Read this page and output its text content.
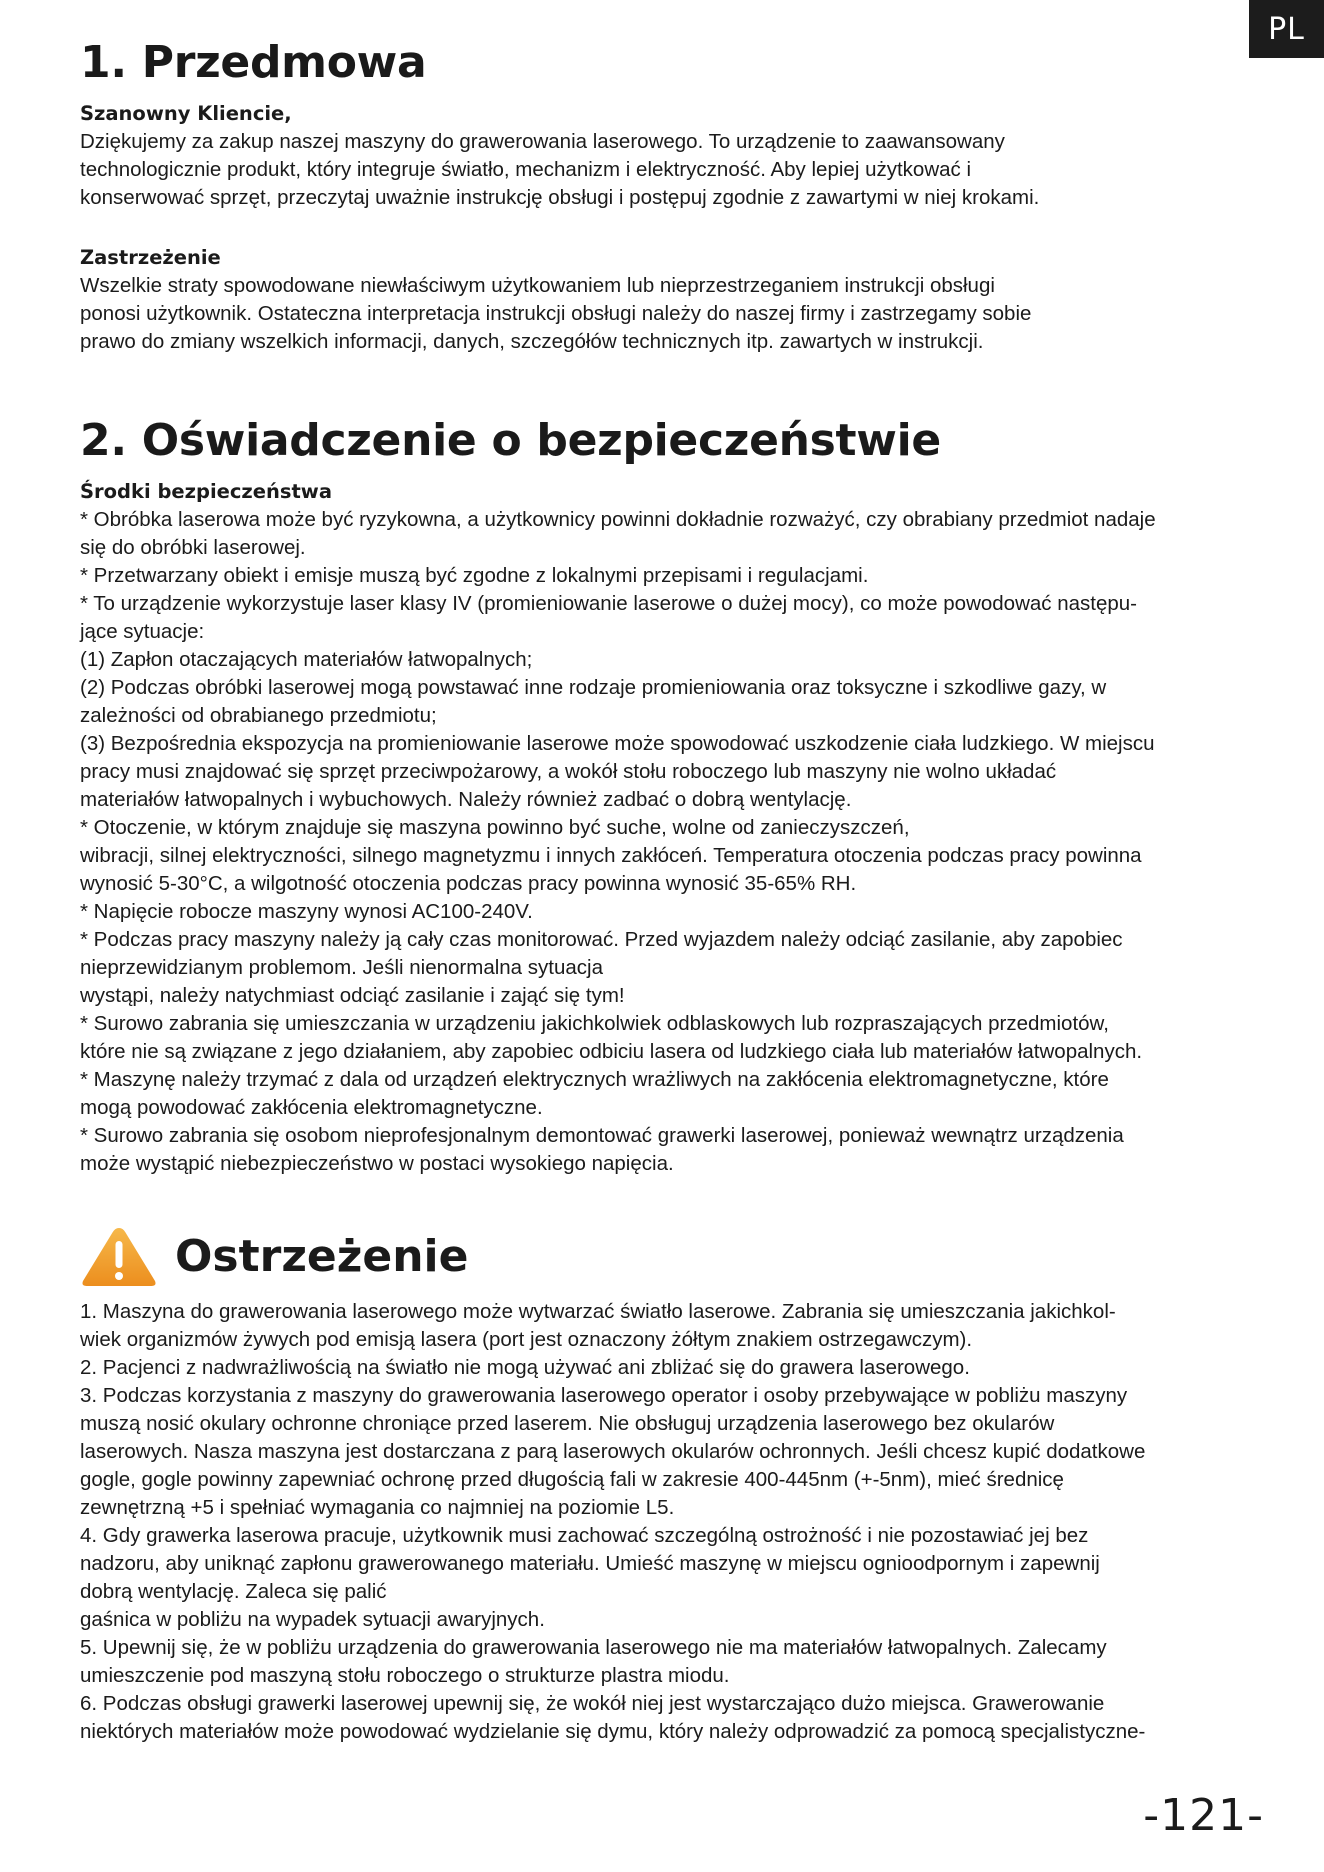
PL
1. Przedmowa
Szanowny Kliencie,

Dziękujemy za zakup naszej maszyny do grawerowania laserowego. To urządzenie to zaawansowany

technologicznie produkt, który integruje światło, mechanizm i elektryczność. Aby lepiej użytkować i

konserwować sprzęt, przeczytaj uważnie instrukcję obsługi i postępuj zgodnie z zawartymi w niej krokami.

Zastrzeżenie

Wszelkie straty spowodowane niewłaściwym użytkowaniem lub nieprzestrzeganiem instrukcji obsługi

ponosi użytkownik. Ostateczna interpretacja instrukcji obsługi należy do naszej firmy i zastrzegamy sobie

prawo do zmiany wszelkich informacji, danych, szczegółów technicznych itp. zawartych w instrukcji.

2. Oświadczenie o bezpieczeństwie
Środki bezpieczeństwa

* Obróbka laserowa może być ryzykowna, a użytkownicy powinni dokładnie rozważyć, czy obrabiany przedmiot nadaje

się do obróbki laserowej.

* Przetwarzany obiekt i emisje muszą być zgodne z lokalnymi przepisami i regulacjami.

* To urządzenie wykorzystuje laser klasy IV (promieniowanie laserowe o dużej mocy), co może powodować następu-

jące sytuacje:

(1) Zapłon otaczających materiałów łatwopalnych;

(2) Podczas obróbki laserowej mogą powstawać inne rodzaje promieniowania oraz toksyczne i szkodliwe gazy, w

zależności od obrabianego przedmiotu;

(3) Bezpośrednia ekspozycja na promieniowanie laserowe może spowodować uszkodzenie ciała ludzkiego. W miejscu

pracy musi znajdować się sprzęt przeciwpożarowy, a wokół stołu roboczego lub maszyny nie wolno układać

materiałów łatwopalnych i wybuchowych. Należy również zadbać o dobrą wentylację.

* Otoczenie, w którym znajduje się maszyna powinno być suche, wolne od zanieczyszczeń,

wibracji, silnej elektryczności, silnego magnetyzmu i innych zakłóceń. Temperatura otoczenia podczas pracy powinna

wynosić 5-30°C, a wilgotność otoczenia podczas pracy powinna wynosić 35-65% RH.

* Napięcie robocze maszyny wynosi AC100-240V.

* Podczas pracy maszyny należy ją cały czas monitorować. Przed wyjazdem należy odciąć zasilanie, aby zapobiec

nieprzewidzianym problemom. Jeśli nienormalna sytuacja

wystąpi, należy natychmiast odciąć zasilanie i zająć się tym!

* Surowo zabrania się umieszczania w urządzeniu jakichkolwiek odblaskowych lub rozpraszających przedmiotów,

które nie są związane z jego działaniem, aby zapobiec odbiciu lasera od ludzkiego ciała lub materiałów łatwopalnych.

* Maszynę należy trzymać z dala od urządzeń elektrycznych wrażliwych na zakłócenia elektromagnetyczne, które

mogą powodować zakłócenia elektromagnetyczne.

* Surowo zabrania się osobom nieprofesjonalnym demontować grawerki laserowej, ponieważ wewnątrz urządzenia

może wystąpić niebezpieczeństwo w postaci wysokiego napięcia.

Ostrzeżenie

1. Maszyna do grawerowania laserowego może wytwarzać światło laserowe. Zabrania się umieszczania jakichkol-

wiek organizmów żywych pod emisją lasera (port jest oznaczony żółtym znakiem ostrzegawczym).

2. Pacjenci z nadwrażliwością na światło nie mogą używać ani zbliżać się do grawera laserowego.

3. Podczas korzystania z maszyny do grawerowania laserowego operator i osoby przebywające w pobliżu maszyny

muszą nosić okulary ochronne chroniące przed laserem. Nie obsługuj urządzenia laserowego bez okularów

laserowych. Nasza maszyna jest dostarczana z parą laserowych okularów ochronnych. Jeśli chcesz kupić dodatkowe

gogle, gogle powinny zapewniać ochronę przed długością fali w zakresie 400-445nm (+-5nm), mieć średnicę

zewnętrzną +5 i spełniać wymagania co najmniej na poziomie L5.

4. Gdy grawerka laserowa pracuje, użytkownik musi zachować szczególną ostrożność i nie pozostawiać jej bez

nadzoru, aby uniknąć zapłonu grawerowanego materiału. Umieść maszynę w miejscu ognioodpornym i zapewnij

dobrą wentylację. Zaleca się palić

gaśnica w pobliżu na wypadek sytuacji awaryjnych.

5. Upewnij się, że w pobliżu urządzenia do grawerowania laserowego nie ma materiałów łatwopalnych. Zalecamy

umieszczenie pod maszyną stołu roboczego o strukturze plastra miodu.

6. Podczas obsługi grawerki laserowej upewnij się, że wokół niej jest wystarczająco dużo miejsca. Grawerowanie

niektórych materiałów może powodować wydzielanie się dymu, który należy odprowadzić za pomocą specjalistyczne-

-121-
